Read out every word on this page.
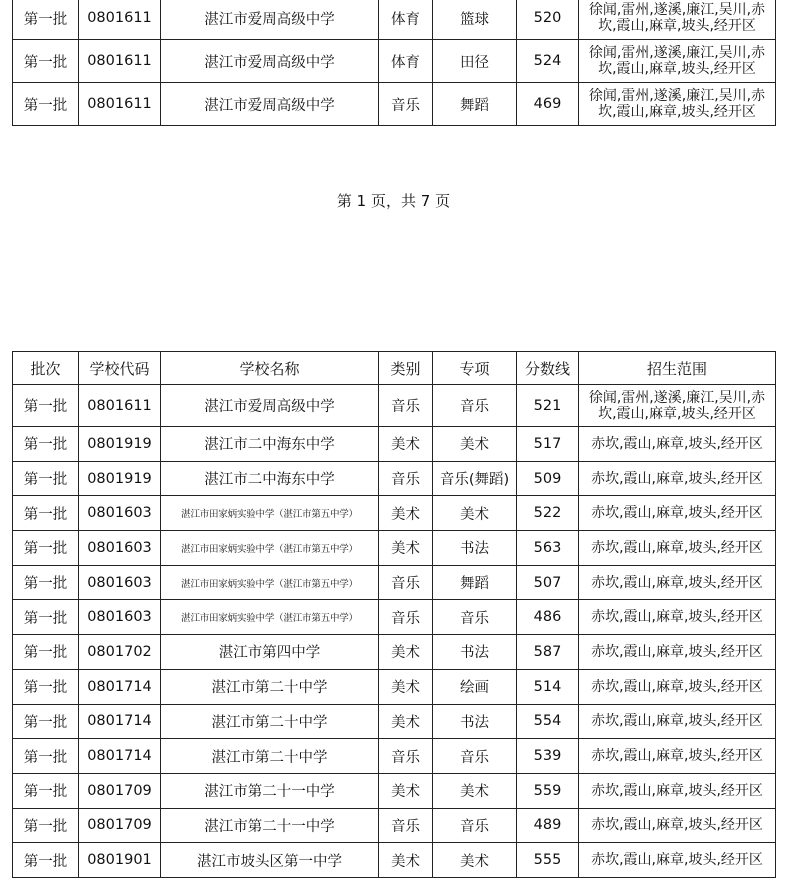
第一批	0801611	湛江市爱周高级中学	体育	篮球	520	徐闻,雷州,遂溪,廉江,吴川,赤坎,霞山,麻章,坡头,经开区
第一批	0801611	湛江市爱周高级中学	体育	田径	524	徐闻,雷州,遂溪,廉江,吴川,赤坎,霞山,麻章,坡头,经开区
第一批	0801611	湛江市爱周高级中学	音乐	舞蹈	469	徐闻,雷州,遂溪,廉江,吴川,赤坎,霞山,麻章,坡头,经开区
第 1 页，共 7 页
批次	学校代码	学校名称	类别	专项	分数线	招生范围
第一批	0801611	湛江市爱周高级中学	音乐	音乐	521	徐闻,雷州,遂溪,廉江,吴川,赤坎,霞山,麻章,坡头,经开区
第一批	0801919	湛江市二中海东中学	美术	美术	517	赤坎,霞山,麻章,坡头,经开区
第一批	0801919	湛江市二中海东中学	音乐	音乐(舞蹈)	509	赤坎,霞山,麻章,坡头,经开区
第一批	0801603	湛江市田家炳实验中学（湛江市第五中学）	美术	美术	522	赤坎,霞山,麻章,坡头,经开区
第一批	0801603	湛江市田家炳实验中学（湛江市第五中学）	美术	书法	563	赤坎,霞山,麻章,坡头,经开区
第一批	0801603	湛江市田家炳实验中学（湛江市第五中学）	音乐	舞蹈	507	赤坎,霞山,麻章,坡头,经开区
第一批	0801603	湛江市田家炳实验中学（湛江市第五中学）	音乐	音乐	486	赤坎,霞山,麻章,坡头,经开区
第一批	0801702	湛江市第四中学	美术	书法	587	赤坎,霞山,麻章,坡头,经开区
第一批	0801714	湛江市第二十中学	美术	绘画	514	赤坎,霞山,麻章,坡头,经开区
第一批	0801714	湛江市第二十中学	美术	书法	554	赤坎,霞山,麻章,坡头,经开区
第一批	0801714	湛江市第二十中学	音乐	音乐	539	赤坎,霞山,麻章,坡头,经开区
第一批	0801709	湛江市第二十一中学	美术	美术	559	赤坎,霞山,麻章,坡头,经开区
第一批	0801709	湛江市第二十一中学	音乐	音乐	489	赤坎,霞山,麻章,坡头,经开区
第一批	0801901	湛江市坡头区第一中学	美术	美术	555	赤坎,霞山,麻章,坡头,经开区
